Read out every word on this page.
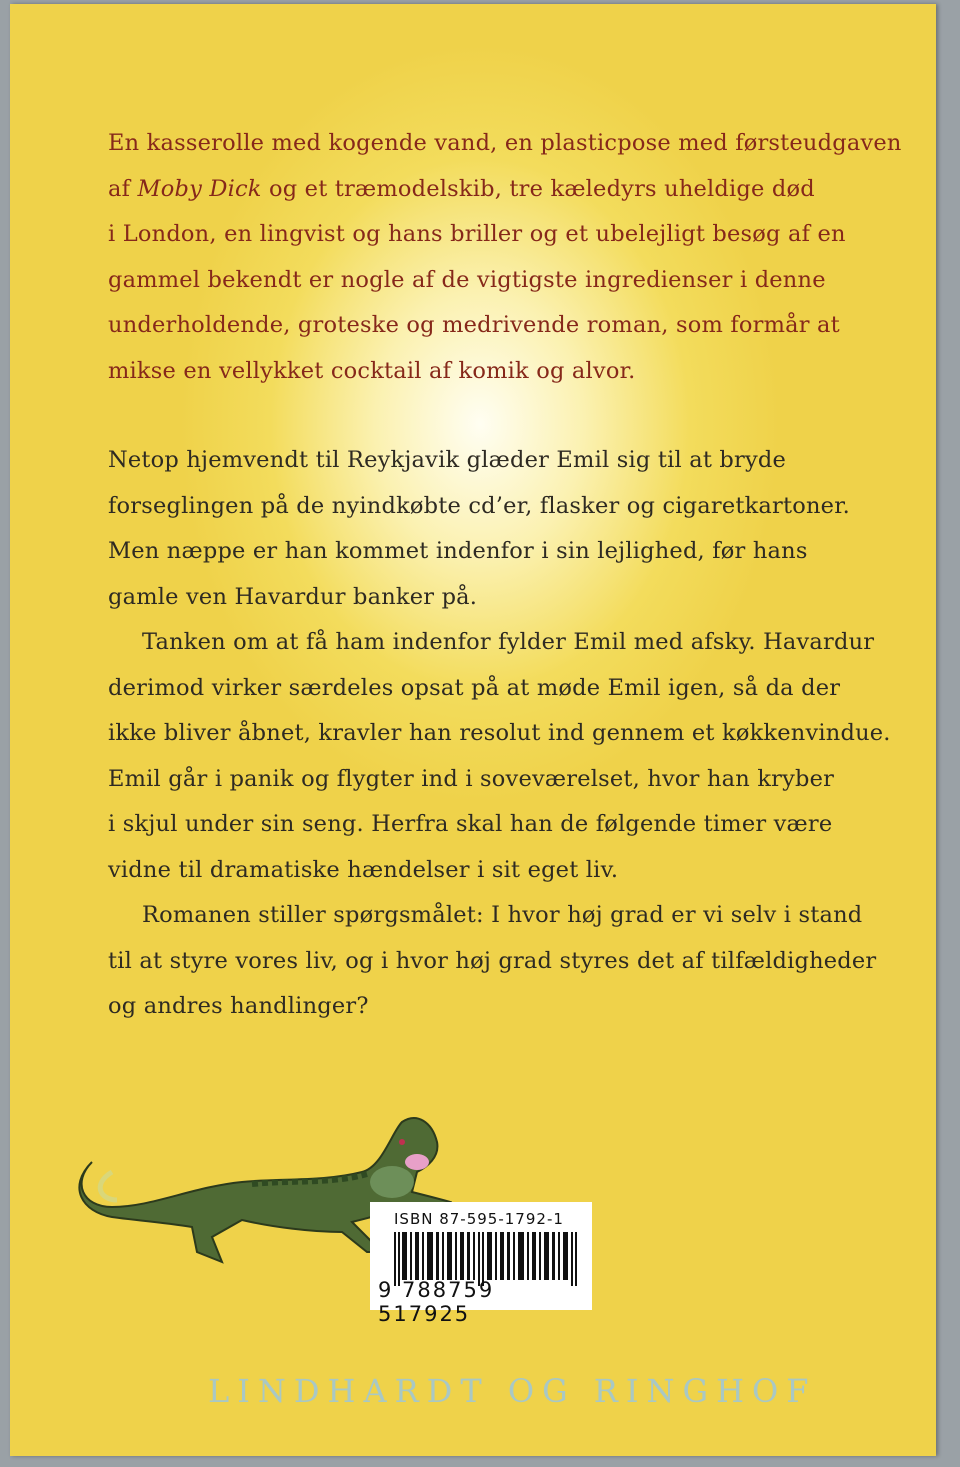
En kasserolle med kogende vand, en plasticpose med førsteudgaven
af Moby Dick og et træmodelskib, tre kæledyrs uheldige død
i London, en lingvist og hans briller og et ubelejligt besøg af en
gammel bekendt er nogle af de vigtigste ingredienser i denne
underholdende, groteske og medrivende roman, som formår at
mikse en vellykket cocktail af komik og alvor.
Netop hjemvendt til Reykjavik glæder Emil sig til at bryde
forseglingen på de nyindkøbte cd’er, flasker og cigaretkartoner.
Men næppe er han kommet indenfor i sin lejlighed, før hans
gamle ven Havardur banker på.
Tanken om at få ham indenfor fylder Emil med afsky. Havardur
derimod virker særdeles opsat på at møde Emil igen, så da der
ikke bliver åbnet, kravler han resolut ind gennem et køkkenvindue.
Emil går i panik og flygter ind i soveværelset, hvor han kryber
i skjul under sin seng. Herfra skal han de følgende timer være
vidne til dramatiske hændelser i sit eget liv.
Romanen stiller spørgsmålet: I hvor høj grad er vi selv i stand
til at styre vores liv, og i hvor høj grad styres det af tilfældigheder
og andres handlinger?
ISBN 87-595-1792-1
9 788759 517925
LINDHARDT OG RINGHOF
